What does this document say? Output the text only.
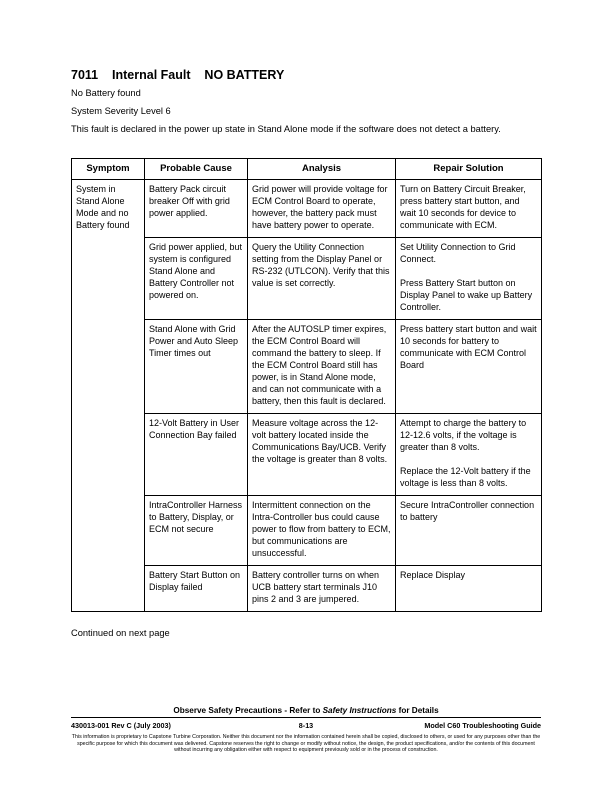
7011 Internal Fault NO BATTERY

No Battery found

System Severity Level 6

This fault is declared in the power up state in Stand Alone mode if the software does not detect a battery.

Symptom	Probable Cause	Analysis	Repair Solution
System in Stand Alone Mode and no Battery found	Battery Pack circuit breaker Off with grid power applied.	Grid power will provide voltage for ECM Control Board to operate, however, the battery pack must have battery power to operate.	Turn on Battery Circuit Breaker, press battery start button, and wait 10 seconds for device to communicate with ECM.

	Grid power applied, but system is configured Stand Alone and Battery Controller not powered on.	Query the Utility Connection setting from the Display Panel or RS-232 (UTLCON). Verify that this value is set correctly.	Set Utility Connection to Grid Connect.
Press Battery Start button on Display Panel to wake up Battery Controller.

	Stand Alone with Grid Power and Auto Sleep Timer times out	After the AUTOSLP timer expires, the ECM Control Board will command the battery to sleep. If the ECM Control Board still has power, is in Stand Alone mode, and can not communicate with a battery, then this fault is declared.	Press battery start button and wait 10 seconds for battery to communicate with ECM Control Board

	12-Volt Battery in User Connection Bay failed	Measure voltage across the 12-volt battery located inside the Communications Bay/UCB. Verify the voltage is greater than 8 volts.	Attempt to charge the battery to 12-12.6 volts, if the voltage is greater than 8 volts.
Replace the 12-Volt battery if the voltage is less than 8 volts.

	IntraController Harness to Battery, Display, or ECM not secure	Intermittent connection on the Intra-Controller bus could cause power to flow from battery to ECM, but communications are unsuccessful.	Secure IntraController connection to battery

	Battery Start Button on Display failed	Battery controller turns on when UCB battery start terminals J10 pins 2 and 3 are jumpered.	Replace Display

Continued on next page

Observe Safety Precautions - Refer to Safety Instructions for Details

430013-001 Rev C (July 2003)	8-13	Model C60 Troubleshooting Guide

This information is proprietary to Capstone Turbine Corporation. Neither this document nor the information contained herein shall be copied, disclosed to others, or used for any purposes other than the specific purpose for which this document was delivered. Capstone reserves the right to change or modify without notice, the design, the product specifications, and/or the contents of this document without incurring any obligation either with respect to equipment previously sold or in the process of construction.
